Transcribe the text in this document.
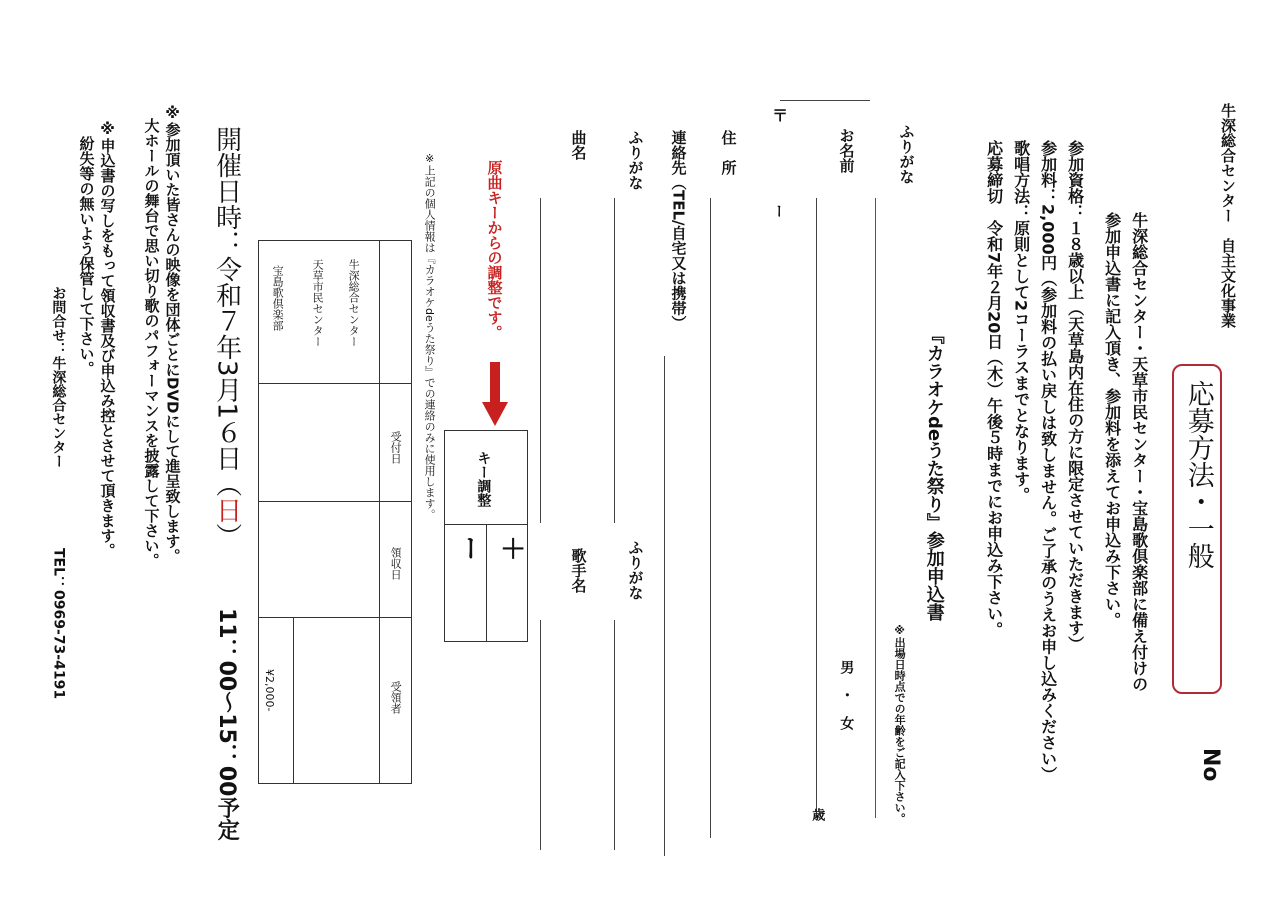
牛深総合センター　自主文化事業
応募方法・一般
No
牛深総合センター・天草市民センター・宝島歌倶楽部に備え付けの
参加申込書に記入頂き、参加料を添えてお申込み下さい。
参加資格：１８歳以上（天草島内在住の方に限定させていただきます）
参加料：2,000円（参加料の払い戻しは致しません。ご了承のうえお申し込みください）
歌唱方法：原則として2コーラスまでとなります。
応募締切　令和7年２月20日（木）午後５時までにお申込み下さい。
『カラオケdeうた祭り』参加申込書
※出場日時点での年齢をご記入下さい。
ふりがな
お名前
男　・　女
歳
〒
ー
住　所
連絡先（TEL/自宅又は携帯）
ふりがな
ふりがな
曲名
歌手名
原曲キーからの調整です。
キー調整
＋
ー
※上記の個人情報は『カラオケdeうた祭り』での連絡のみに使用します。
受付日
領収日
受領者
牛深総合センター
天草市民センター
宝島歌倶楽部
¥2,000-
開催日時：令和７年3月1６日（日）
11：00〜15：00予定
※参加頂いた皆さんの映像を団体ごとにDVDにして進呈致します。
大ホールの舞台で思い切り歌のパフォーマンスを披露して下さい。
※申込書の写しをもって領収書及び申込み控とさせて頂きます。
紛失等の無いよう保管して下さい。
お問合せ：牛深総合センター
TEL：0969-73-4191
